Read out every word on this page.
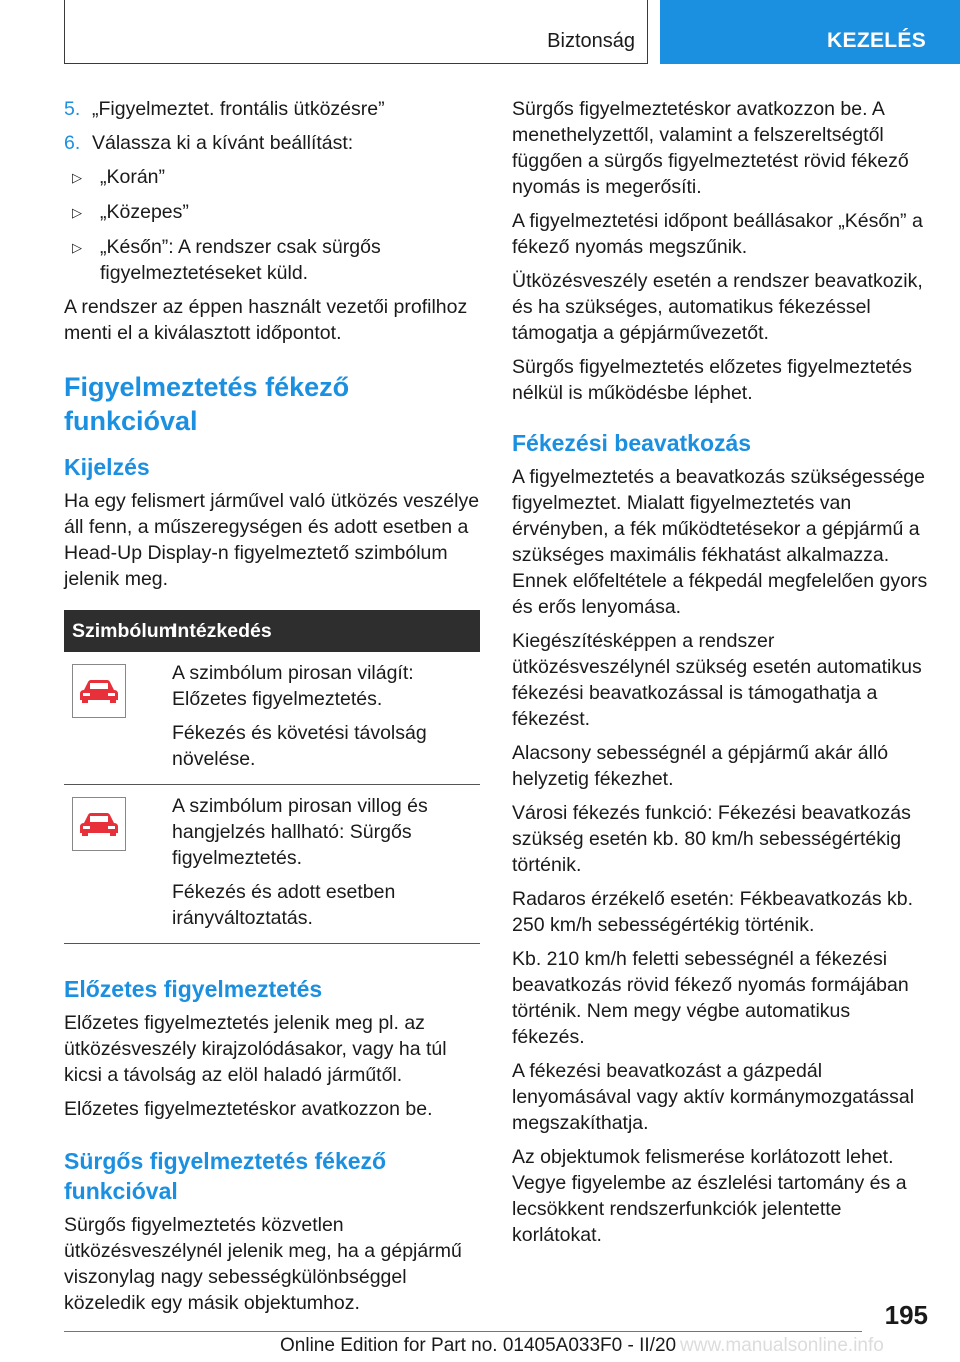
Biztonság	KEZELÉS
5. „Figyelmeztet. frontális ütközésre”
6. Válassza ki a kívánt beállítást:
▷ „Korán”
▷ „Közepes”
▷ „Későn”: A rendszer csak sürgős figyelmeztetéseket küld.

A rendszer az éppen használt vezetői profilhoz menti el a kiválasztott időpontot.

Figyelmeztetés fékező funkcióval
Kijelzés

Ha egy felismert járművel való ütközés veszélye áll fenn, a műszeregységen és adott esetben a Head-Up Display-n figyelmeztető szimbólum jelenik meg.

Szimbólum
Intézkedés

A szimbólum pirosan világít: Előzetes figyelmeztetés.

Fékezés és követési távolság növelése.

A szimbólum pirosan villog és hangjelzés hallható: Sürgős figyelmeztetés.

Fékezés és adott esetben irányváltoztatás.

Előzetes figyelmeztetés

Előzetes figyelmeztetés jelenik meg pl. az ütközésveszély kirajzolódásakor, vagy ha túl kicsi a távolság az elöl haladó járműtől.

Előzetes figyelmeztetéskor avatkozzon be.

Sürgős figyelmeztetés fékező funkcióval

Sürgős figyelmeztetés közvetlen ütközésveszélynél jelenik meg, ha a gépjármű viszonylag nagy sebességkülönbséggel közeledik egy másik objektumhoz.

Sürgős figyelmeztetéskor avatkozzon be. A menethelyzettől, valamint a felszereltségtől függően a sürgős figyelmeztetést rövid fékező nyomás is megerősíti.

A figyelmeztetési időpont beállásakor „Későn” a fékező nyomás megszűnik.

Ütközésveszély esetén a rendszer beavatkozik, és ha szükséges, automatikus fékezéssel támogatja a gépjárművezetőt.

Sürgős figyelmeztetés előzetes figyelmeztetés nélkül is működésbe léphet.

Fékezési beavatkozás

A figyelmeztetés a beavatkozás szükségessége figyelmeztet. Mialatt figyelmeztetés van érvényben, a fék működtetésekor a gépjármű a szükséges maximális fékhatást alkalmazza. Ennek előfeltétele a fékpedál megfelelően gyors és erős lenyomása.

Kiegészítésképpen a rendszer ütközésveszélynél szükség esetén automatikus fékezési beavatkozással is támogathatja a fékezést.

Alacsony sebességnél a gépjármű akár álló helyzetig fékezhet.

Városi fékezés funkció: Fékezési beavatkozás szükség esetén kb. 80 km/h sebességértékig történik.

Radaros érzékelő esetén: Fékbeavatkozás kb. 250 km/h sebességértékig történik.

Kb. 210 km/h feletti sebességnél a fékezési beavatkozás rövid fékező nyomás formájában történik. Nem megy végbe automatikus fékezés.

A fékezési beavatkozást a gázpedál lenyomásával vagy aktív kormánymozgatással megszakíthatja.

Az objektumok felismerése korlátozott lehet. Vegye figyelembe az észlelési tartomány és a lecsökkent rendszerfunkciók jelentette korlátokat.

195
Online Edition for Part no. 01405A033F0 - II/20 www.manualsonline.info
